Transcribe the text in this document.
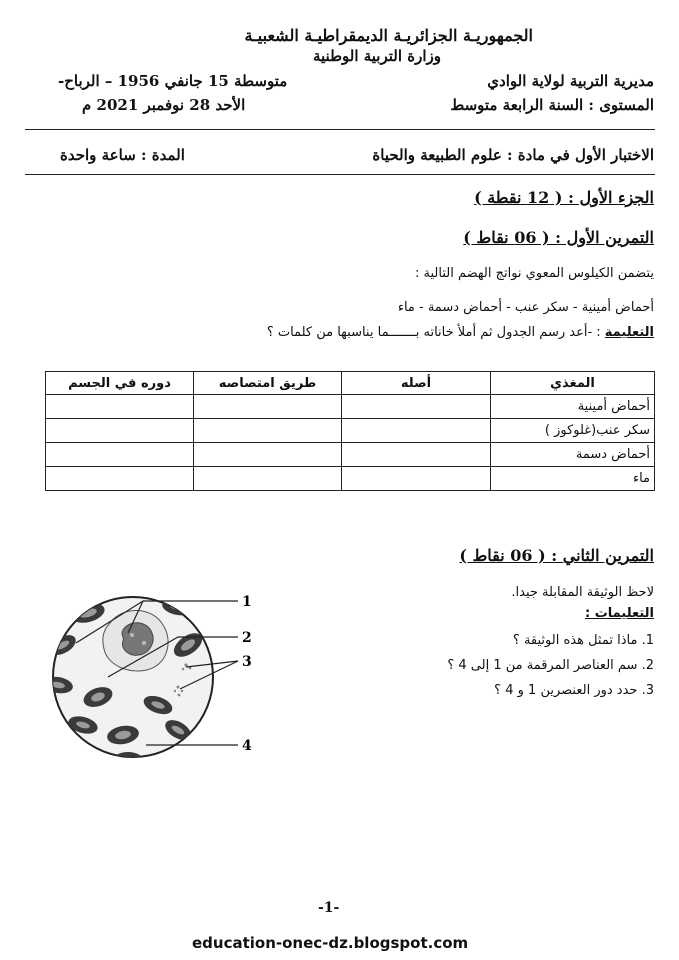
الجمهوريـة الجزائريـة الديمقراطيـة الشعبيـة
وزارة التربية الوطنية
مديرية التربية لولاية الوادي
متوسطة 15 جانفي 1956 – الرباح-
المستوى : السنة الرابعة متوسط
الأحد 28 نوفمبر 2021 م
الاختبار الأول في مادة : علوم الطبيعة والحياة
المدة : ساعة واحدة
الجزء الأول : ( 12 نقطة )
التمرين الأول : ( 06 نقاط )
يتضمن الكيلوس المعوي نواتج الهضم التالية :
أحماض أمينية - سكر عنب - أحماض دسمة - ماء
التعليمة : -أعد رسم الجدول ثم أملأ خاناته بـــــــما يناسبها من كلمات ؟
المغذي	أصله	طريق امتصاصه	دوره في الجسم
أحماض أمينية			
سكر عنب(غلوكوز )			
أحماض دسمة			
ماء			
التمرين الثاني : ( 06 نقاط )
لاحظ الوثيقة المقابلة جيدا.
التعليمات :
1. ماذا تمثل هذه الوثيقة ؟
2. سم العناصر المرقمة من 1 إلى 4 ؟
3. حدد دور العنصرين 1 و 4 ؟
1
2
3
4
-1-
education-onec-dz.blogspot.com
